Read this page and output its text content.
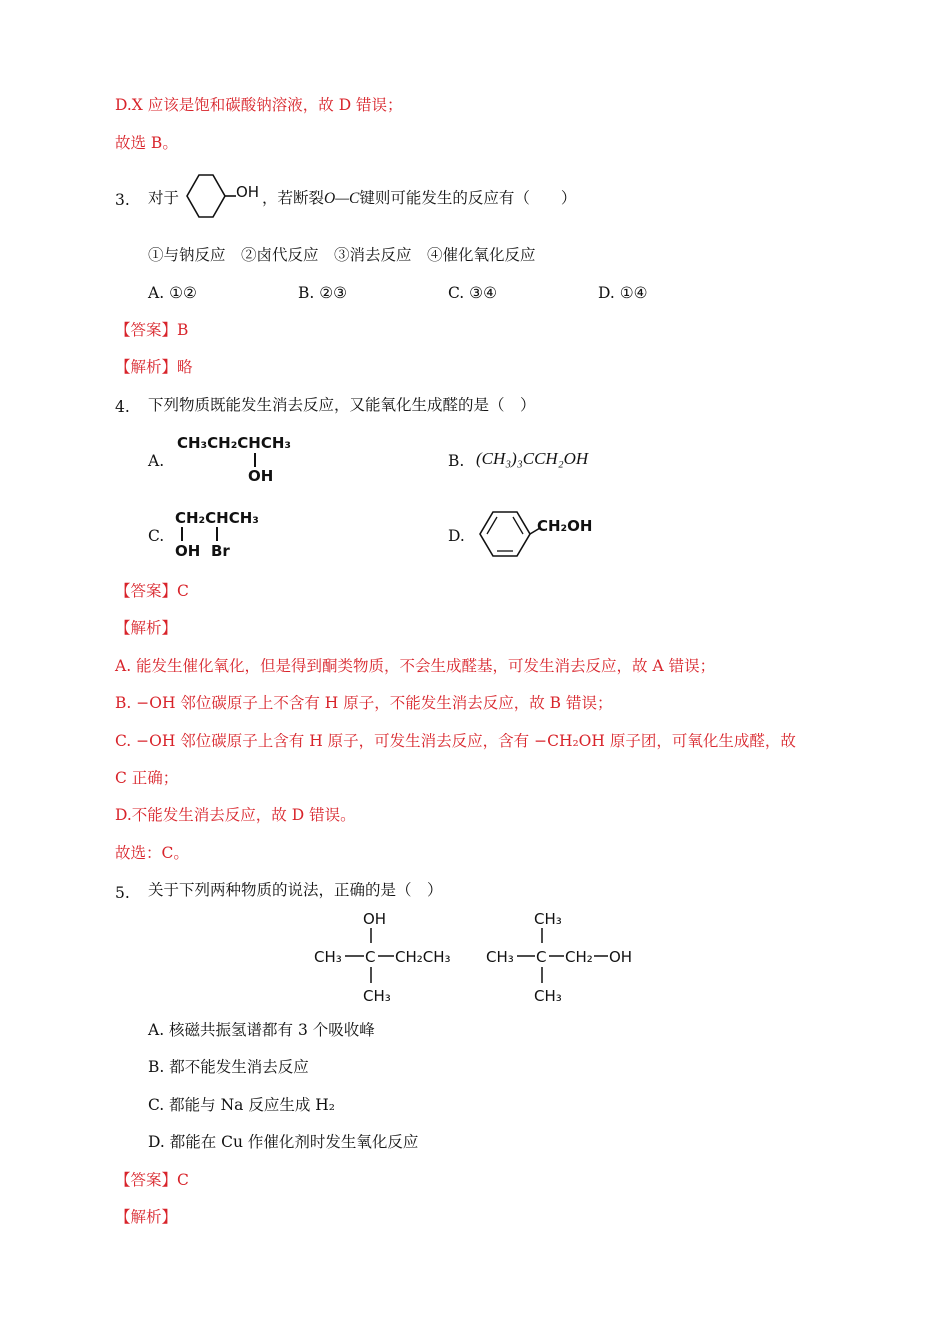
D.X 应该是饱和碳酸钠溶液，故 D 错误；
故选 B。
3. 对于	OH ，若断裂O—C键则可能发生的反应有（　　）
①与钠反应　②卤代反应　③消去反应　④催化氧化反应
A. ①②	B. ②③	C. ③④	D. ①④
【答案】B
【解析】略
4. 下列物质既能发生消去反应，又能氧化生成醛的是（　）
A.
CH₃CH₂CHCH₃
OH
B. (CH₃)₃CCH₂OH
C.
CH₂CHCH₃
OH Br
D.
CH₂OH
【答案】C
【解析】
A. 能发生催化氧化，但是得到酮类物质，不会生成醛基，可发生消去反应，故 A 错误；
B. −OH 邻位碳原子上不含有 H 原子，不能发生消去反应，故 B 错误；
C. −OH 邻位碳原子上含有 H 原子，可发生消去反应，含有 −CH₂OH 原子团，可氧化生成醛，故
C 正确；
D.不能发生消去反应，故 D 错误。
故选：C。
5. 关于下列两种物质的说法，正确的是（　）
OH
CH₃ C CH₂CH₃
CH₃
CH₃
CH₃ C CH₂ OH
CH₃
A. 核磁共振氢谱都有 3 个吸收峰
B. 都不能发生消去反应
C. 都能与 Na 反应生成 H₂
D. 都能在 Cu 作催化剂时发生氧化反应
【答案】C
【解析】
